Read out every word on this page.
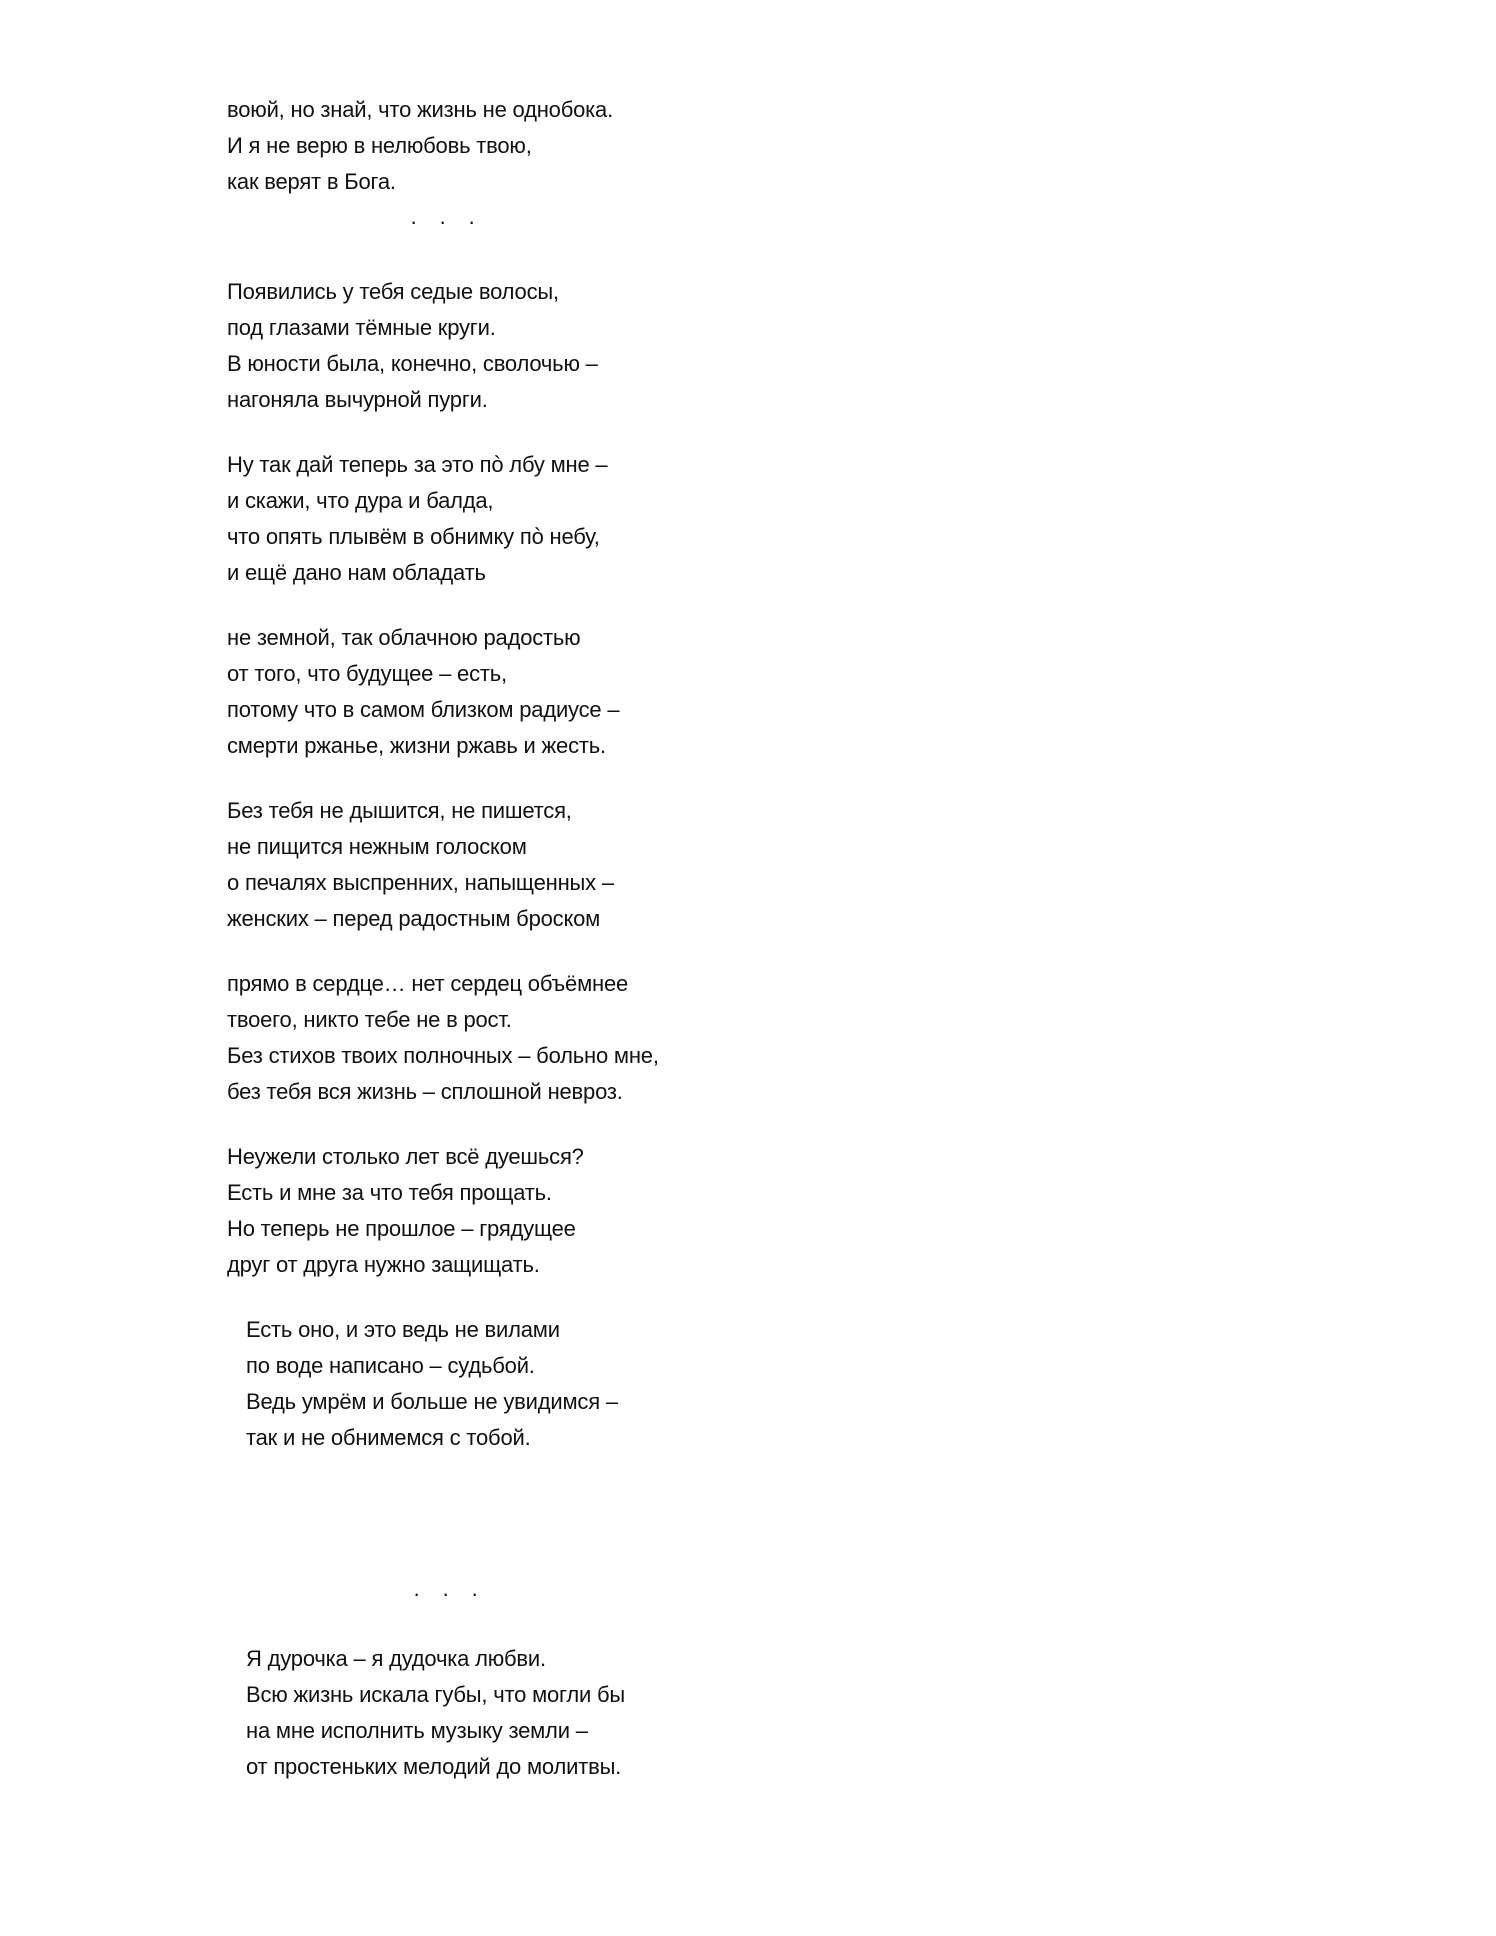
воюй, но знай, что жизнь не однобока.
И я не верю в нелюбовь твою,
как верят в Бога.
· · ·
Появились у тебя седые волосы,
под глазами тёмные круги.
В юности была, конечно, сволочью –
нагоняла вычурной пурги.
Ну так дай теперь за это пò лбу мне –
и скажи, что дура и балда,
что опять плывём в обнимку пò небу,
и ещё дано нам обладать
не земной, так облачною радостью
от того, что будущее – есть,
потому что в самом близком радиусе –
смерти ржанье, жизни ржавь и жесть.
Без тебя не дышится, не пишется,
не пищится нежным голоском
о печалях выспренних, напыщенных –
женских – перед радостным броском
прямо в сердце… нет сердец объёмнее
твоего, никто тебе не в рост.
Без стихов твоих полночных – больно мне,
без тебя вся жизнь – сплошной невроз.
Неужели столько лет всё дуешься?
Есть и мне за что тебя прощать.
Но теперь не прошлое – грядущее
друг от друга нужно защищать.
Есть оно, и это ведь не вилами
по воде написано – судьбой.
Ведь умрём и больше не увидимся –
так и не обнимемся с тобой.
· · ·
Я дурочка – я дудочка любви.
Всю жизнь искала губы, что могли бы
на мне исполнить музыку земли –
от простеньких мелодий до молитвы.
